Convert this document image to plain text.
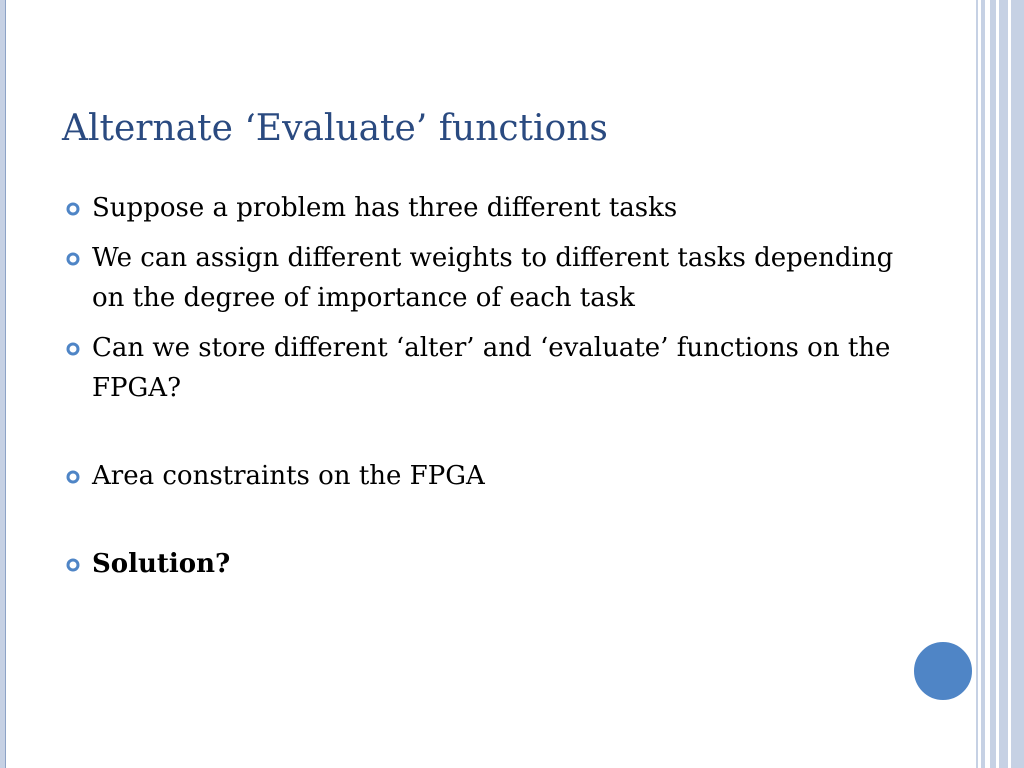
Alternate ‘Evaluate’ functions
Suppose a problem has three different tasks
We can assign different weights to different tasks depending on the degree of importance of each task
Can we store different ‘alter’ and ‘evaluate’ functions on the FPGA?
Area constraints on the FPGA
Solution?
